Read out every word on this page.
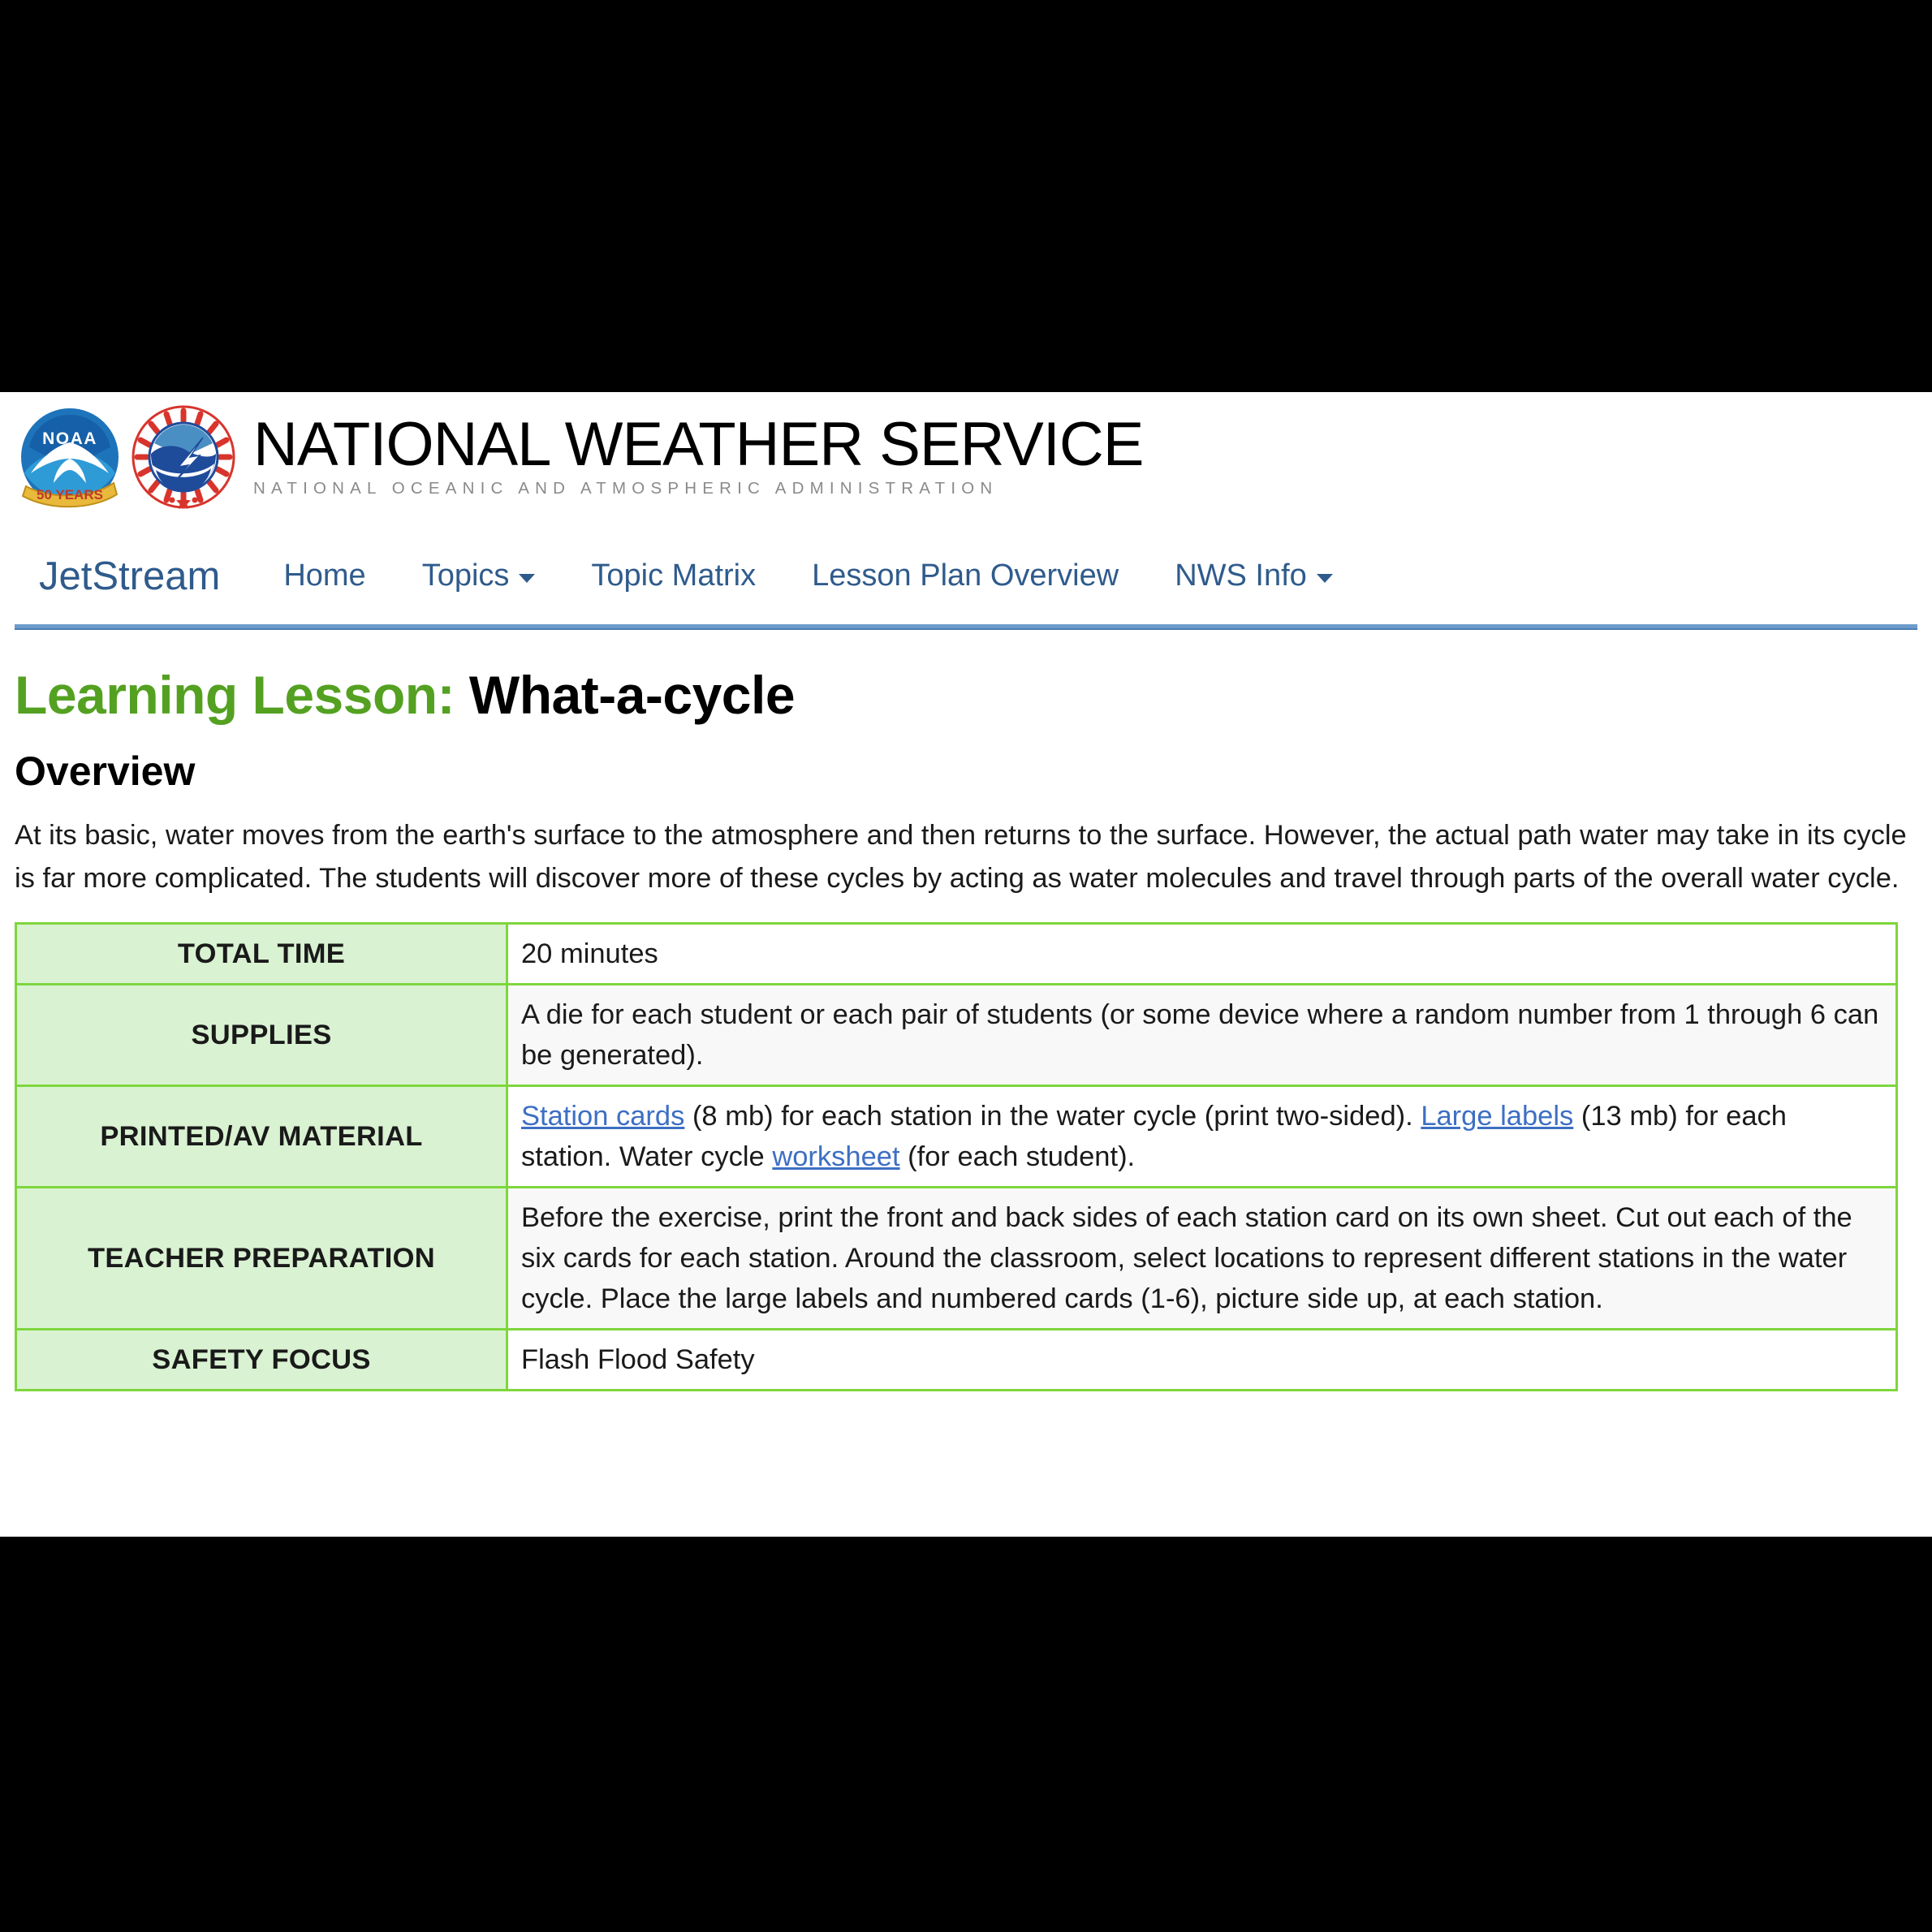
NOAA
50 YEARS
NATIONAL WEATHER SERVICE
NATIONAL OCEANIC AND ATMOSPHERIC ADMINISTRATION
JetStream Home Topics	Topic Matrix Lesson Plan Overview NWS Info
Learning Lesson: What-a-cycle
Overview

At its basic, water moves from the earth's surface to the atmosphere and then returns to the surface. However, the actual path water may take in its cycle is far more complicated. The students will discover more of these cycles by acting as water molecules and travel through parts of the overall water cycle.

TOTAL TIME	20 minutes
SUPPLIES	A die for each student or each pair of students (or some device where a random number from 1 through 6 can be generated).
PRINTED/AV MATERIAL	Station cards (8 mb) for each station in the water cycle (print two-sided). Large labels (13 mb) for each station. Water cycle worksheet (for each student).
TEACHER PREPARATION	Before the exercise, print the front and back sides of each station card on its own sheet. Cut out each of the six cards for each station. Around the classroom, select locations to represent different stations in the water cycle. Place the large labels and numbered cards (1-6), picture side up, at each station.
SAFETY FOCUS	Flash Flood Safety
